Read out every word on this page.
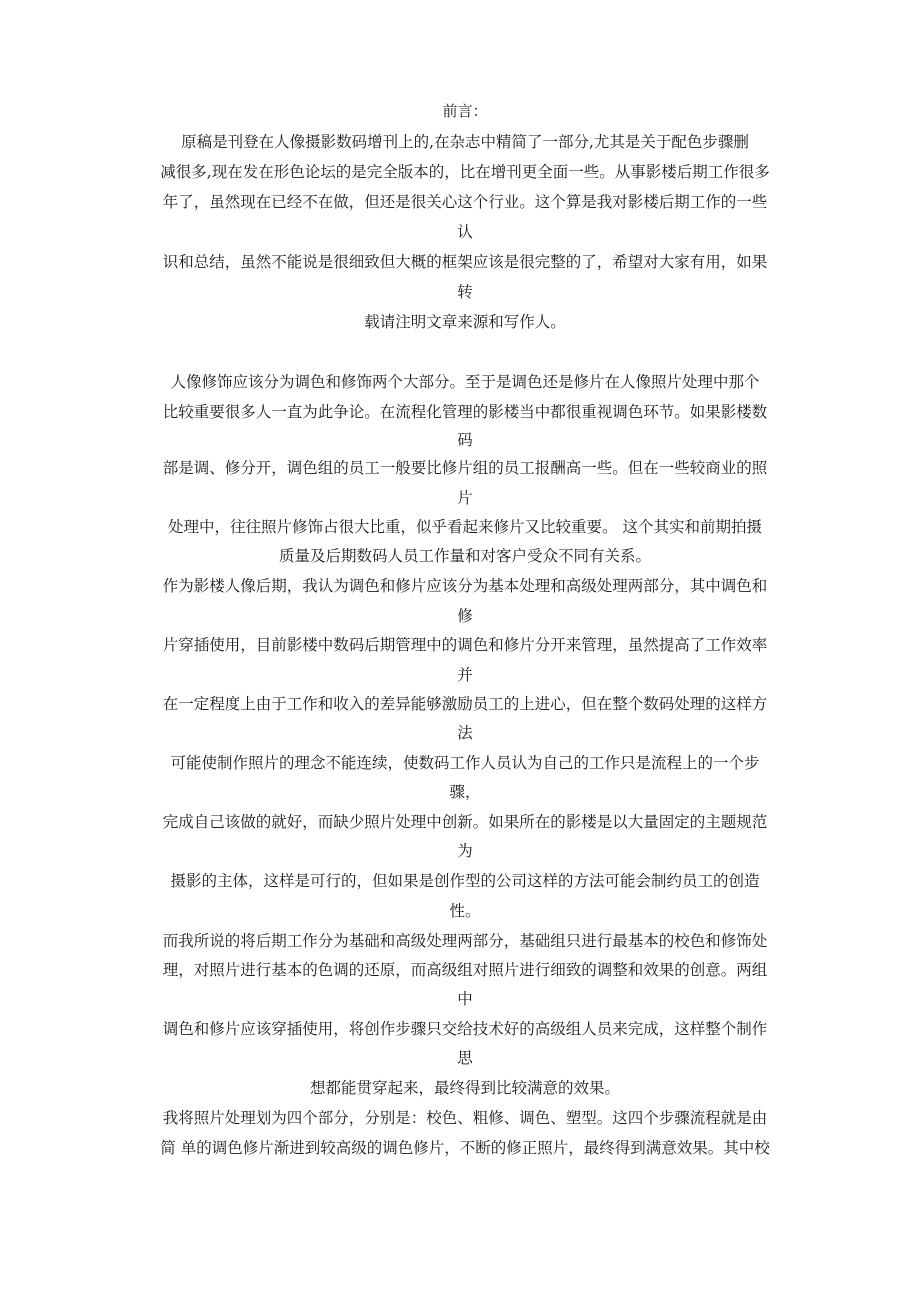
前言：
原稿是刊登在人像摄影数码增刊上的,在杂志中精简了一部分,尤其是关于配色步骤删
减很多,现在发在形色论坛的是完全版本的，比在增刊更全面一些。从事影楼后期工作很多
年了，虽然现在已经不在做，但还是很关心这个行业。这个算是我对影楼后期工作的一些
认
识和总结，虽然不能说是很细致但大概的框架应该是很完整的了，希望对大家有用，如果
转
载请注明文章来源和写作人。
人像修饰应该分为调色和修饰两个大部分。至于是调色还是修片在人像照片处理中那个
比较重要很多人一直为此争论。在流程化管理的影楼当中都很重视调色环节。如果影楼数
码
部是调、修分开，调色组的员工一般要比修片组的员工报酬高一些。但在一些较商业的照
片
处理中，往往照片修饰占很大比重，似乎看起来修片又比较重要。 这个其实和前期拍摄
质量及后期数码人员工作量和对客户受众不同有关系。
作为影楼人像后期，我认为调色和修片应该分为基本处理和高级处理两部分，其中调色和
修
片穿插使用，目前影楼中数码后期管理中的调色和修片分开来管理，虽然提高了工作效率
并
在一定程度上由于工作和收入的差异能够激励员工的上进心，但在整个数码处理的这样方
法
可能使制作照片的理念不能连续，使数码工作人员认为自己的工作只是流程上的一个步
骤，
完成自己该做的就好，而缺少照片处理中创新。如果所在的影楼是以大量固定的主题规范
为
摄影的主体，这样是可行的，但如果是创作型的公司这样的方法可能会制约员工的创造
性。
而我所说的将后期工作分为基础和高级处理两部分，基础组只进行最基本的校色和修饰处
理，对照片进行基本的色调的还原，而高级组对照片进行细致的调整和效果的创意。两组
中
调色和修片应该穿插使用，将创作步骤只交给技术好的高级组人员来完成，这样整个制作
思
想都能贯穿起来，最终得到比较满意的效果。
我将照片处理划为四个部分，分别是：校色、粗修、调色、塑型。这四个步骤流程就是由
简 单的调色修片渐进到较高级的调色修片，不断的修正照片，最终得到满意效果。其中校
